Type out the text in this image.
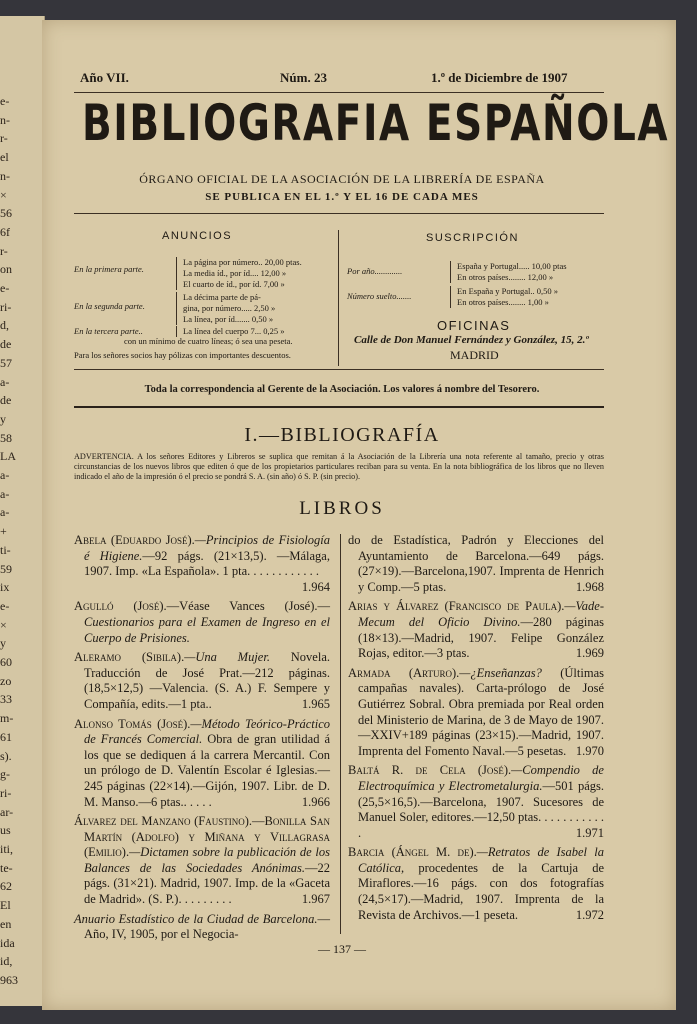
e-
n-
r-
el
n-
×
56
6f
r-
on
e-
ri-
d,
de
57
a-
de
y
58
LA
a-
a-
a-
+
ti-
59
ix
e-
×
y
60
zo
33
m-
61
s).
g-
ri-
ar-
us
iti,
te-
62
El
en
ida
id,
963
Año VII.	Núm. 23	1.º de Diciembre de 1907
BIBLIOGRAFIA ESPAÑOLA
ÓRGANO OFICIAL DE LA ASOCIACIÓN DE LA LIBRERÍA DE ESPAÑA
SE PUBLICA EN EL 1.º Y EL 16 DE CADA MES
ANUNCIOS
En la primera parte.
La página por número.. 20,00 ptas.
La media íd., por íd.... 12,00 »
El cuarto de íd., por íd. 7,00 »
En la segunda parte.
La décima parte de pá-
gina, por número..... 2,50 »
La línea, por íd....... 0,50 »
En la tercera parte..	La línea del cuerpo 7... 0,25 »
con un mínimo de cuatro líneas; ó sea una peseta.
Para los señores socios hay pólizas con importantes descuentos.
SUSCRIPCIÓN
Por año.............	España y Portugal..... 10,00 ptas
En otros países........ 12,00 »
Número suelto.......	En España y Portugal.. 0,50 »
En otros países........ 1,00 »
OFICINAS
Calle de Don Manuel Fernández y González, 15, 2.º
MADRID
Toda la correspondencia al Gerente de la Asociación. Los valores á nombre del Tesorero.
I.—BIBLIOGRAFÍA
ADVERTENCIA. A los señores Editores y Libreros se suplica que remitan á la Asociación de la Librería una nota referente al tamaño, precio y otras circunstancias de los nuevos libros que editen ó que de los propietarios particulares reciban para su venta. En la nota bibliográfica de los libros que no lleven indicado el año de la impresión ó el precio se pondrá S. A. (sin año) ó S. P. (sin precio).
LIBROS
Abela (Eduardo José).—Principios de Fisiología é Higiene.—92 págs. (21×13,5). —Málaga, 1907. Imp. «La Española». 1 pta. . . . . . . . . . . .
1.964
Agulló (José).—Véase Vances (José).— Cuestionarios para el Examen de Ingreso en el Cuerpo de Prisiones.
Aleramo (Sibila).—Una Mujer. Novela. Traducción de José Prat.—212 páginas. (18,5×12,5) —Valencia. (S. A.) F. Sempere y Compañía, edits.—1 pta..	1.965
Alonso Tomás (José).—Método Teórico-Práctico de Francés Comercial. Obra de gran utilidad á los que se dediquen á la carrera Mercantil. Con un prólogo de D. Valentín Escolar é Iglesias.—245 páginas (22×14).—Gijón, 1907. Libr. de D. M. Manso.—6 ptas.. . . . .	1.966
Álvarez del Manzano (Faustino).—Bonilla San Martín (Adolfo) y Miñana y Villagrasa (Emilio).—Dictamen sobre la publicación de los Balances de las Sociedades Anónimas.—22 págs. (31×21). Madrid, 1907. Imp. de la «Gaceta de Madrid». (S. P.). . . . . . . . .	1.967
Anuario Estadístico de la Ciudad de Barcelona.—Año, IV, 1905, por el Negocia-
do de Estadística, Padrón y Elecciones del Ayuntamiento de Barcelona.—649 págs.(27×19).—Barcelona,1907. Imprenta de Henrich y Comp.—5 ptas.	1.968
Arias y Álvarez (Francisco de Paula).—Vade-Mecum del Oficio Divino.—280 páginas (18×13).—Madrid, 1907. Felipe González Rojas, editor.—3 ptas.	1.969
Armada (Arturo).—¿Enseñanzas? (Últimas campañas navales). Carta-prólogo de José Gutiérrez Sobral. Obra premiada por Real orden del Ministerio de Marina, de 3 de Mayo de 1907.—XXIV+189 páginas (23×15).—Madrid, 1907. Imprenta del Fomento Naval.—5 pesetas. 1.970
Baltá R. de Cela (José).—Compendio de Electroquímica y Electrometalurgia.—501 págs. (25,5×16,5).—Barcelona, 1907. Sucesores de Manuel Soler, editores.—12,50 ptas. . . . . . . . . . . .	1.971
Barcia (Ángel M. de).—Retratos de Isabel la Católica, procedentes de la Cartuja de Miraflores.—16 págs. con dos fotografías (24,5×17).—Madrid, 1907. Imprenta de la Revista de Archivos.—1 peseta.	1.972
— 137 —
